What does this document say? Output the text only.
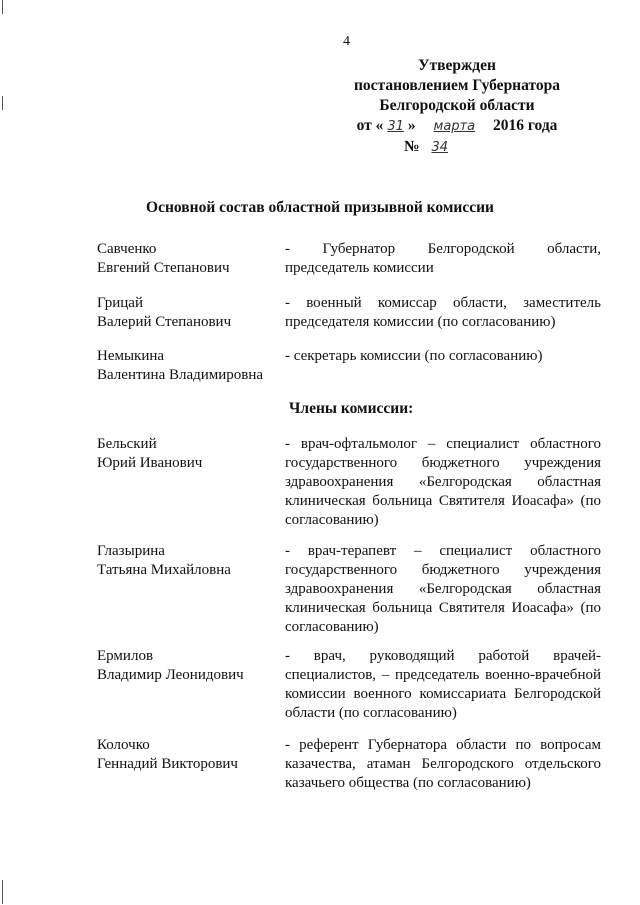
4
Утвержден
постановлением Губернатора
Белгородской области
от « 31 » марта 2016 года
№ 34
Основной состав областной призывной комиссии
Савченко
Евгений Степанович
- Губернатор Белгородской области, председатель комиссии
Грицай
Валерий Степанович
- военный комиссар области, заместитель председателя комиссии (по согласованию)
Немыкина
Валентина Владимировна
- секретарь комиссии (по согласованию)
Члены комиссии:
Бельский
Юрий Иванович
- врач-офтальмолог – специалист областного государственного бюджетного учреждения здравоохранения «Белгородская областная клиническая больница Святителя Иоасафа» (по согласованию)
Глазырина
Татьяна Михайловна
- врач-терапевт – специалист областного государственного бюджетного учреждения здравоохранения «Белгородская областная клиническая больница Святителя Иоасафа» (по согласованию)
Ермилов
Владимир Леонидович
- врач, руководящий работой врачей-специалистов, – председатель военно-врачебной комиссии военного комиссариата Белгородской области (по согласованию)
Колочко
Геннадий Викторович
- референт Губернатора области по вопросам казачества, атаман Белгородского отдельского казачьего общества (по согласованию)
